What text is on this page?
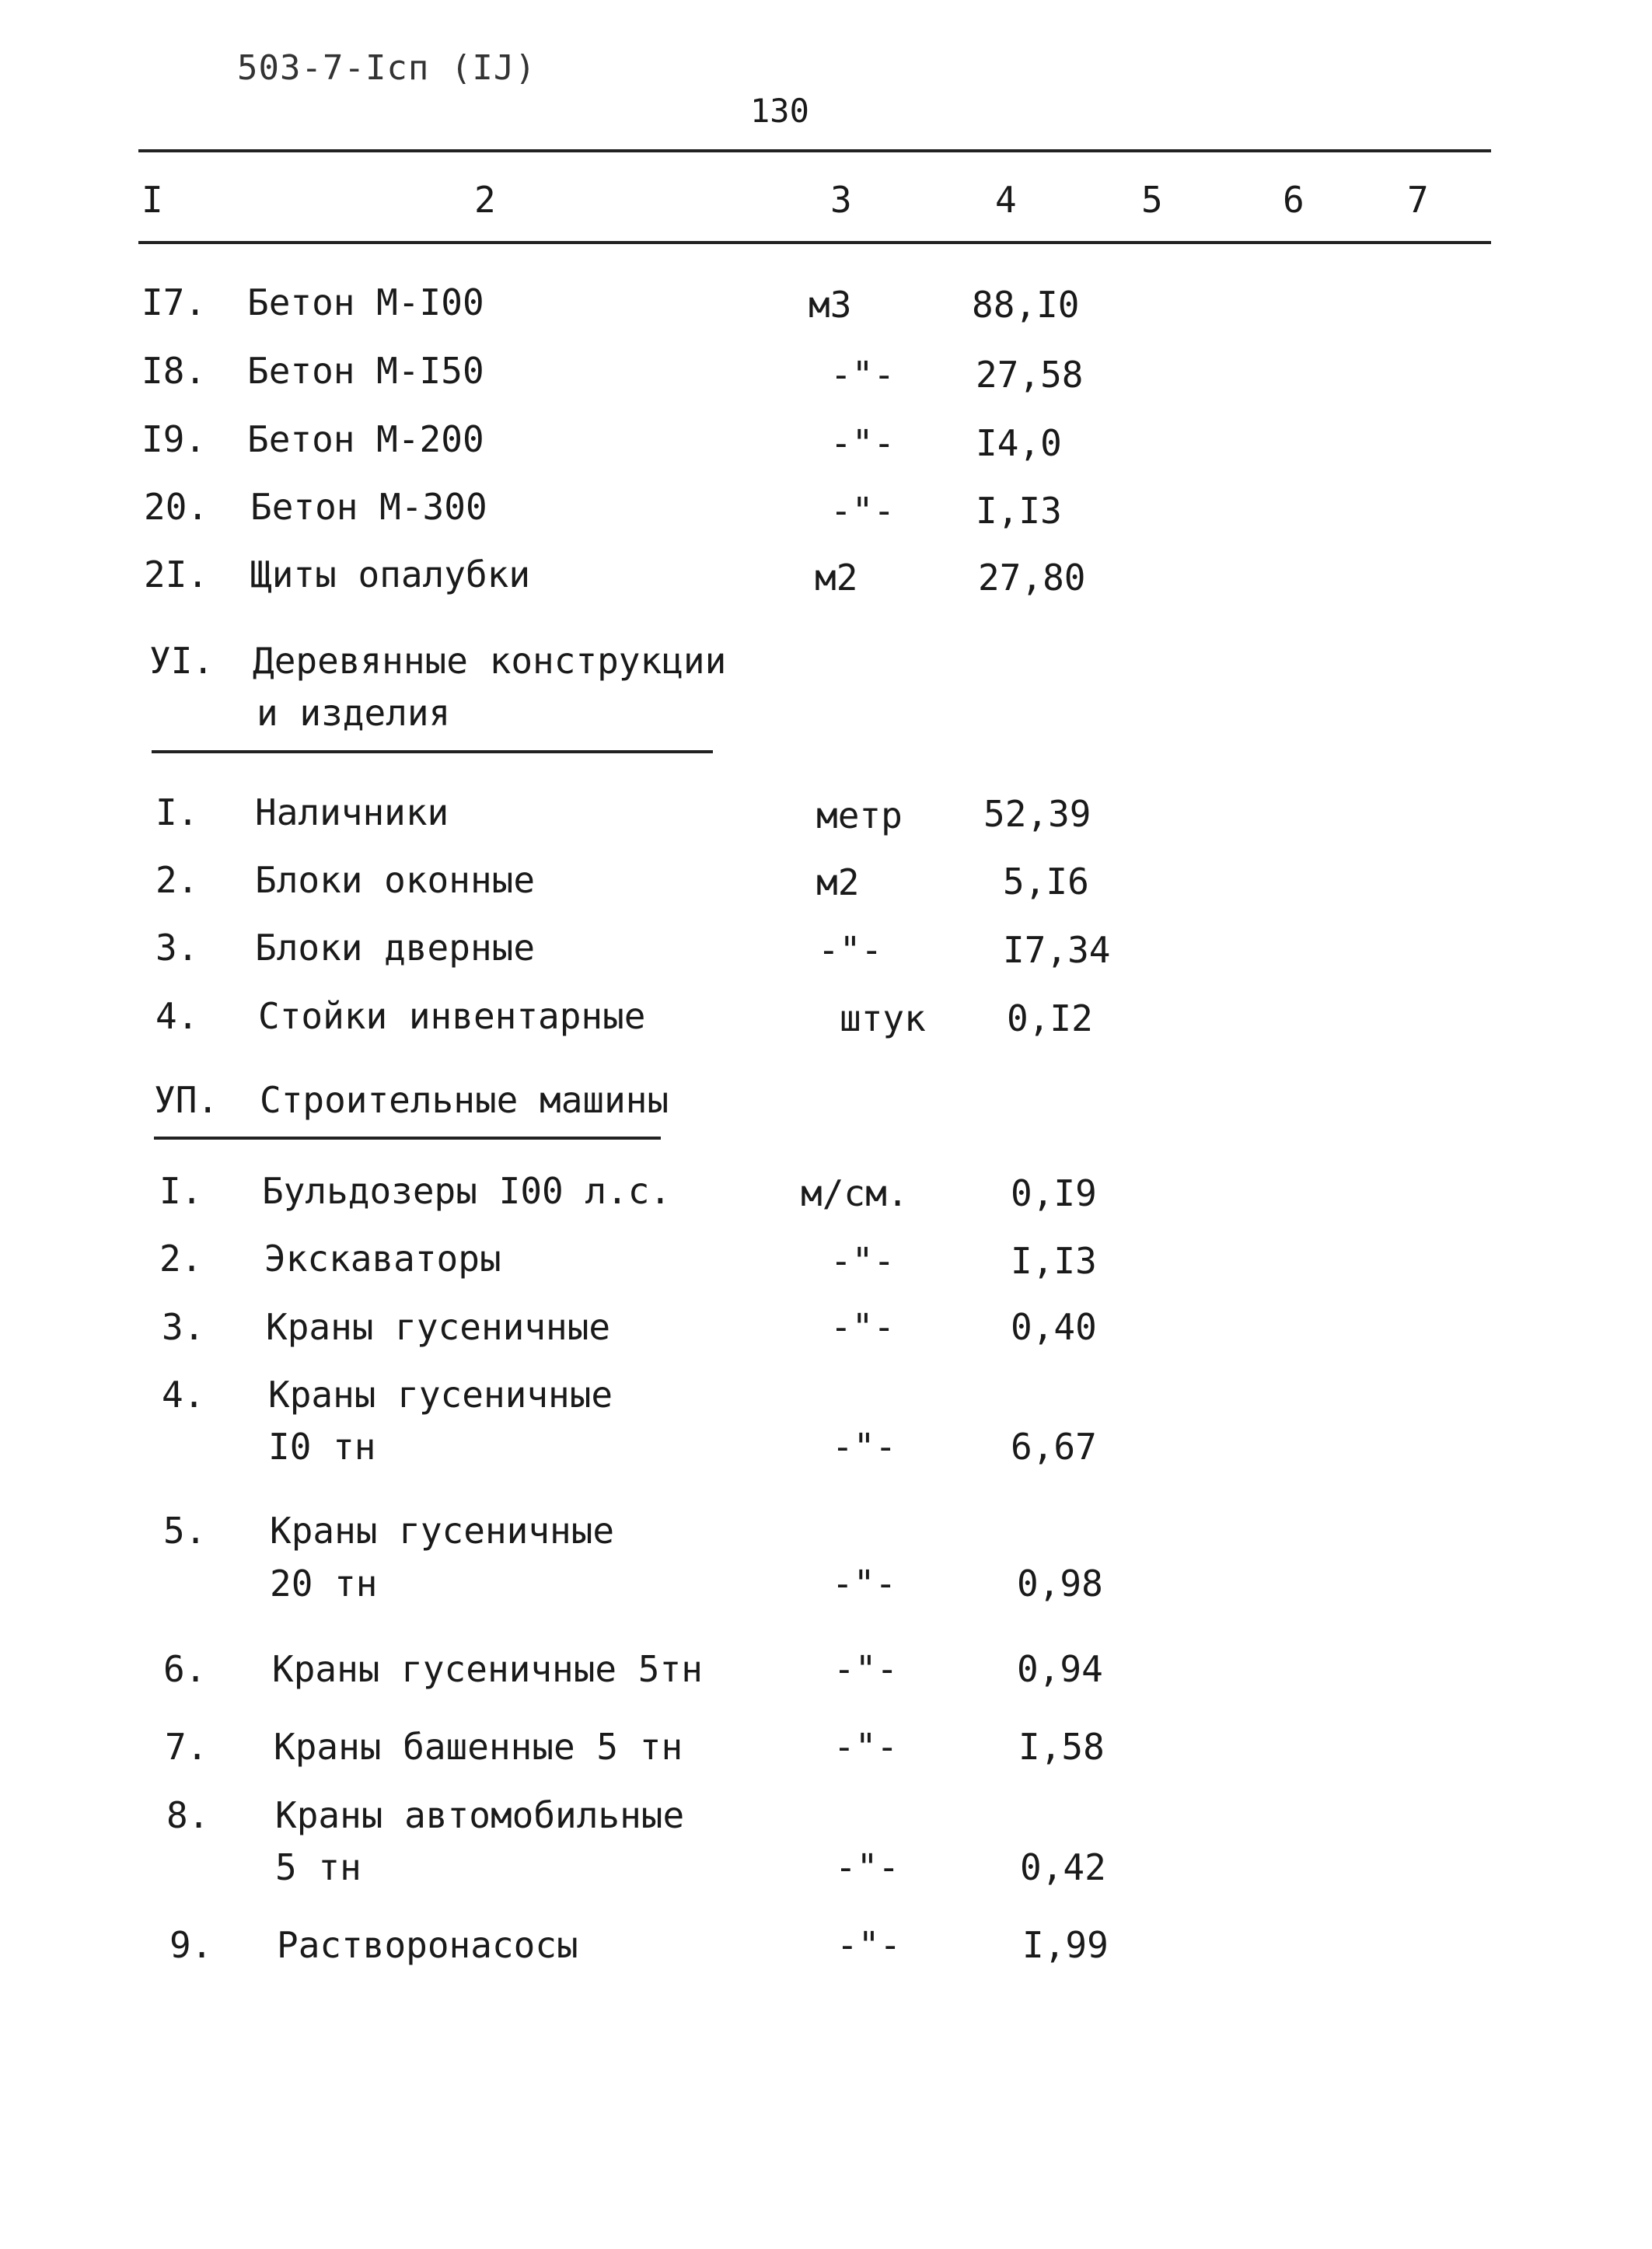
503-7-Icп (IJ)
130
I	2	3	4	5	6	7
I7. Бетон М-I00	м3	88,I0
I8. Бетон М-I50	-"- 27,58
I9. Бетон М-200	-"- I4,0
20. Бетон М-300	-"- I,I3
2I. Щиты опалубки	м2	27,80
УI. Деревянные конструкции
и изделия
I. Наличники	метр 52,39
2. Блоки оконные	м2	5,I6
3. Блоки дверные	-"-	I7,34
4. Стойки инвентарные	штук 0,I2
УП. Строительные машины
I. Бульдозеры I00 л.с.	м/см.	0,I9
2. Экскаваторы	-"-	I,I3
3. Краны гусеничные	-"-	0,40
4. Краны гусеничные
I0 тн	-"-	6,67
5. Краны гусеничные
20 тн	-"-	0,98
6. Краны гусеничные 5тн	-"-	0,94
7. Краны башенные 5 тн	-"-	I,58
8. Краны автомобильные
5 тн	-"-	0,42
9. Растворонасосы	-"-	I,99
